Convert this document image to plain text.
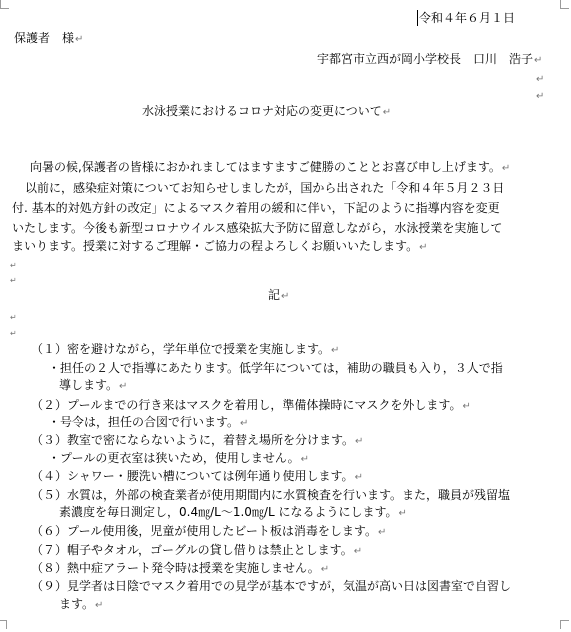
令和４年６月１日
保護者　様↵
宇都宮市立西が岡小学校長　口川　浩子↵
↵
↵
水泳授業におけるコロナ対応の変更について↵
向暑の候,保護者の皆様におかれましてはますますご健勝のこととお喜び申し上げます。↵
以前に，感染症対策についてお知らせしましたが，国から出された「令和４年５月２３日
付. 基本的対処方針の改定」によるマスク着用の緩和に伴い，下記のように指導内容を変更
いたします。今後も新型コロナウイルス感染拡大予防に留意しながら，水泳授業を実施して
まいります。授業に対するご理解・ご協力の程よろしくお願いいたします。↵
↵
↵
記↵
↵
↵
（１）密を避けながら，学年単位で授業を実施します。↵
・担任の２人で指導にあたります。低学年については，補助の職員も入り，３人で指
導します。↵
（２）プールまでの行き来はマスクを着用し，準備体操時にマスクを外します。↵
・号令は，担任の合図で行います。↵
（３）教室で密にならないように，着替え場所を分けます。↵
・プールの更衣室は狭いため，使用しません。↵
（４）シャワー・腰洗い槽については例年通り使用します。↵
（５）水質は，外部の検査業者が使用期間内に水質検査を行います。また，職員が残留塩
素濃度を毎日測定し，0.4㎎/L～1.0㎎/L になるようにします。↵
（６）プール使用後，児童が使用したビート板は消毒をします。↵
（７）帽子やタオル，ゴーグルの貸し借りは禁止とします。↵
（８）熱中症アラート発令時は授業を実施しません。↵
（９）見学者は日陰でマスク着用での見学が基本ですが，気温が高い日は図書室で自習し
ます。↵
